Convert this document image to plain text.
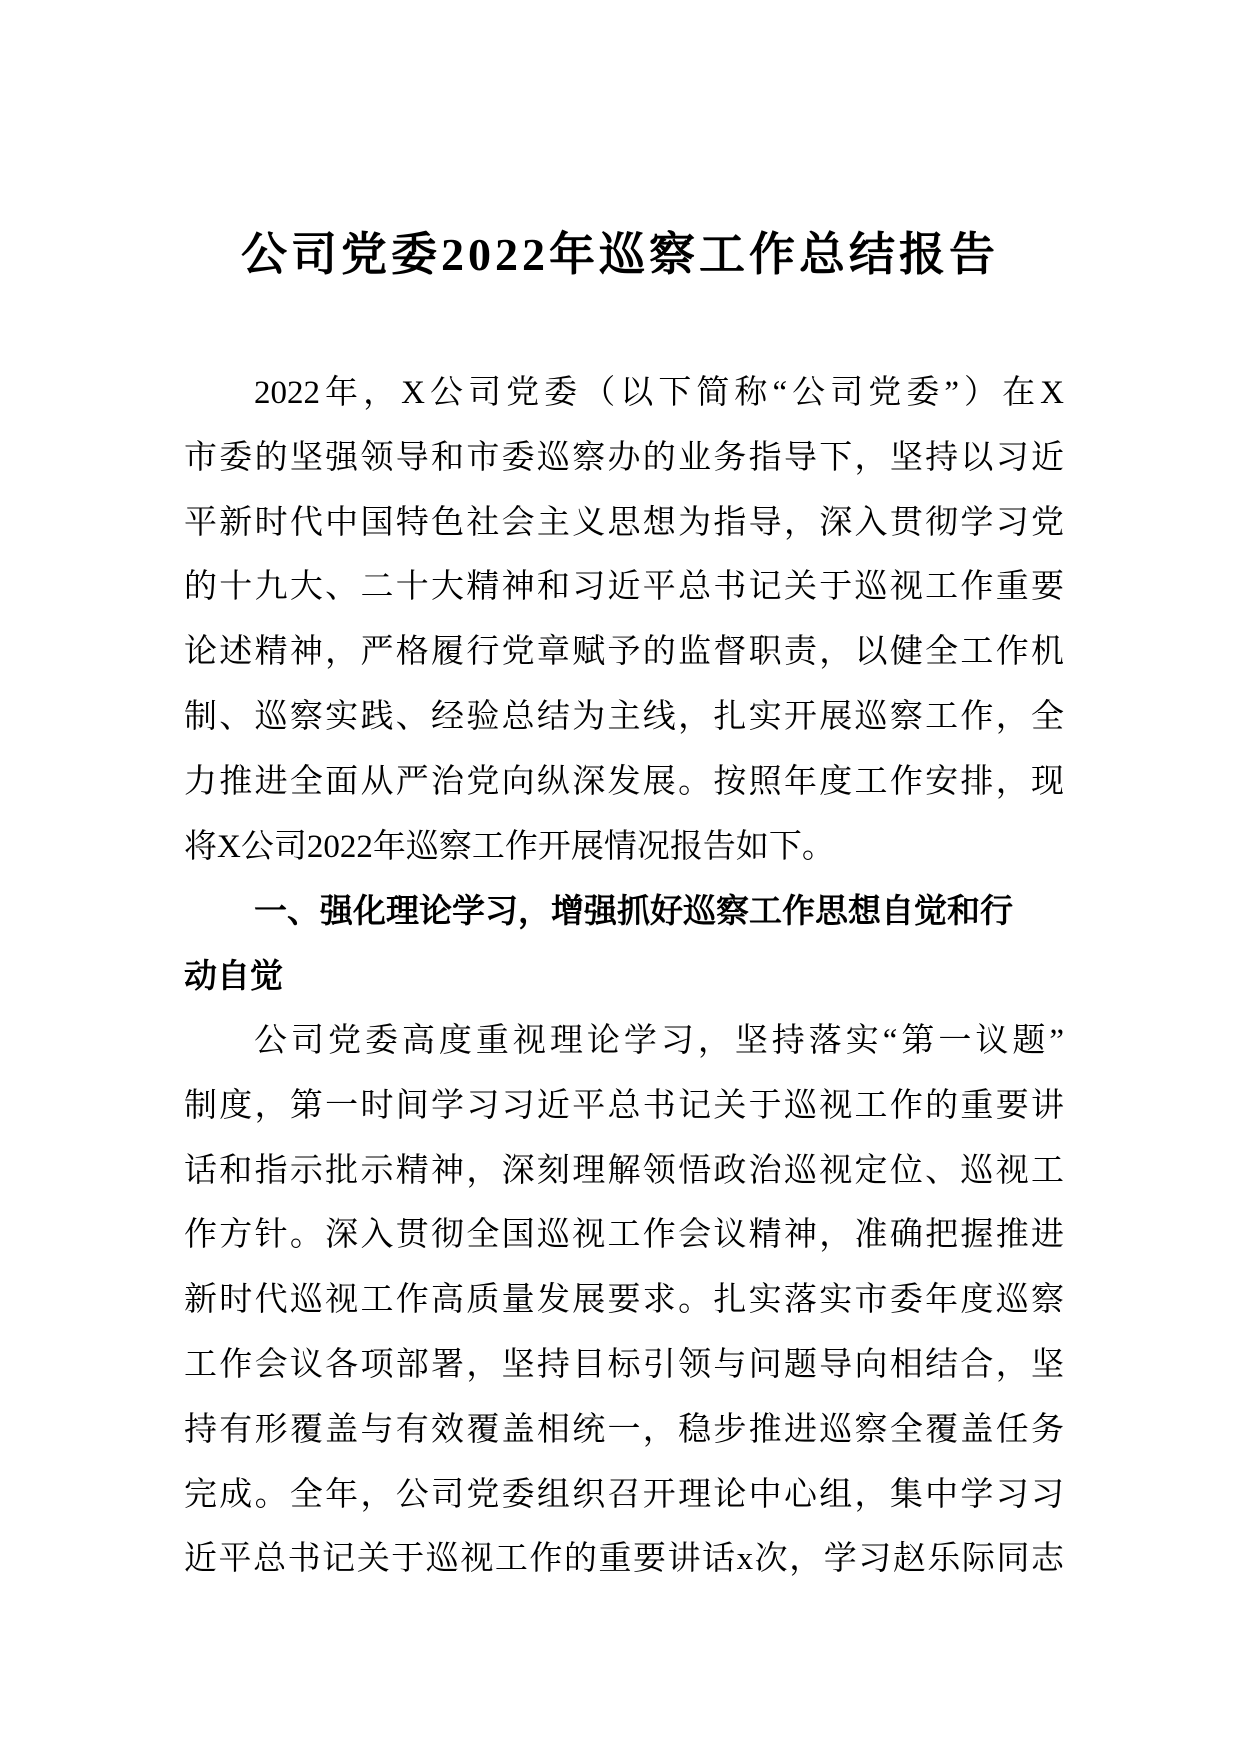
公司党委2022年巡察工作总结报告
2022年，X公司党委（以下简称“公司党委”）在X
市委的坚强领导和市委巡察办的业务指导下，坚持以习近
平新时代中国特色社会主义思想为指导，深入贯彻学习党
的十九大、二十大精神和习近平总书记关于巡视工作重要
论述精神，严格履行党章赋予的监督职责，以健全工作机
制、巡察实践、经验总结为主线，扎实开展巡察工作，全
力推进全面从严治党向纵深发展。按照年度工作安排，现
将X公司2022年巡察工作开展情况报告如下。
一、强化理论学习，增强抓好巡察工作思想自觉和行
动自觉
公司党委高度重视理论学习，坚持落实“第一议题”
制度，第一时间学习习近平总书记关于巡视工作的重要讲
话和指示批示精神，深刻理解领悟政治巡视定位、巡视工
作方针。深入贯彻全国巡视工作会议精神，准确把握推进
新时代巡视工作高质量发展要求。扎实落实市委年度巡察
工作会议各项部署，坚持目标引领与问题导向相结合，坚
持有形覆盖与有效覆盖相统一，稳步推进巡察全覆盖任务
完成。全年，公司党委组织召开理论中心组，集中学习习
近平总书记关于巡视工作的重要讲话x次，学习赵乐际同志
